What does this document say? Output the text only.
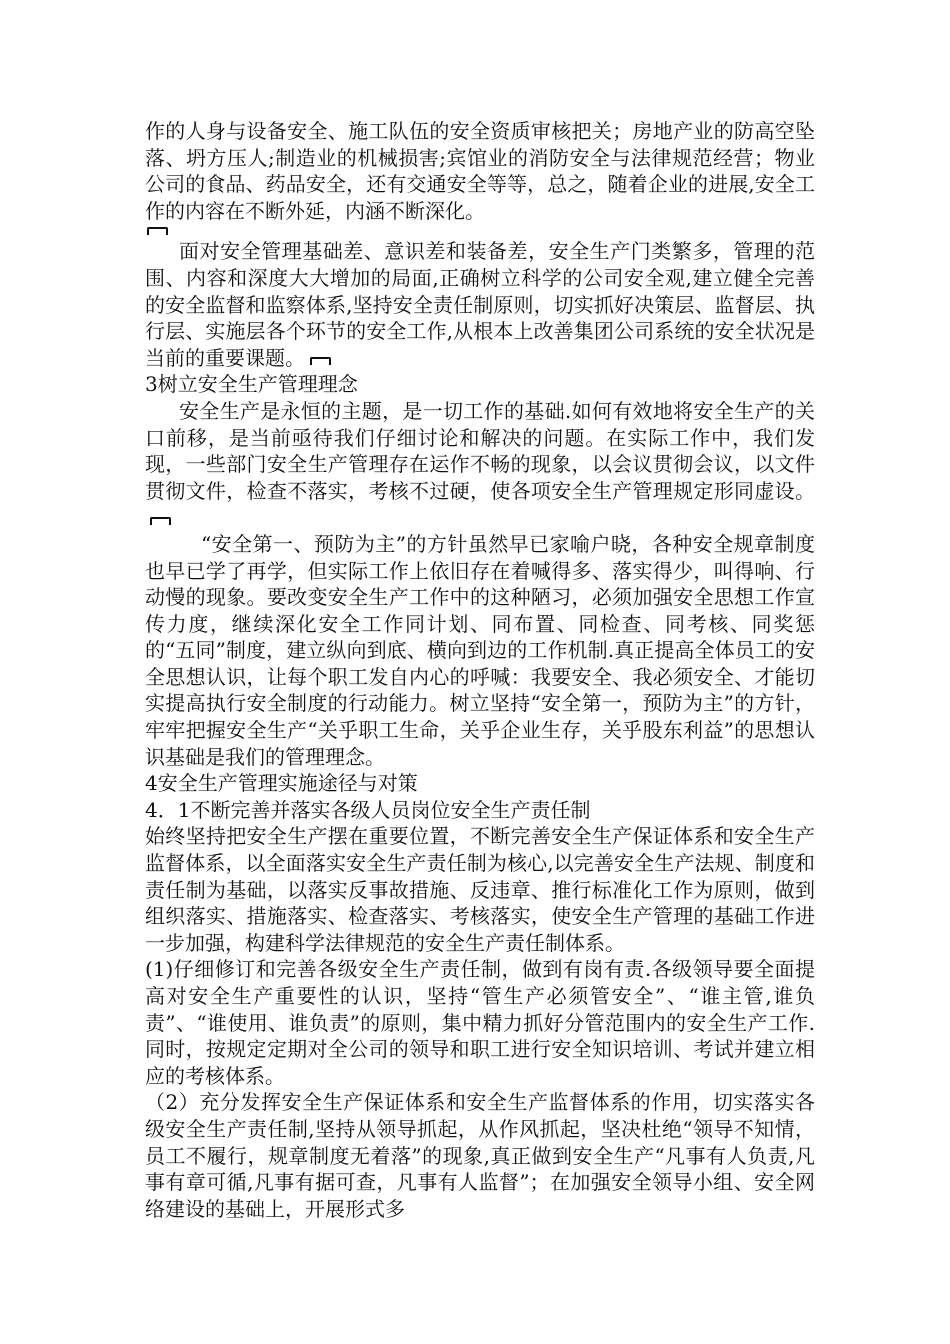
作的人身与设备安全、施工队伍的安全资质审核把关；房地产业的防高空坠落、坍方压人;制造业的机械损害;宾馆业的消防安全与法律规范经营；物业公司的食品、药品安全，还有交通安全等等，总之，随着企业的进展,安全工作的内容在不断外延，内涵不断深化。

面对安全管理基础差、意识差和装备差，安全生产门类繁多，管理的范围、内容和深度大大增加的局面,正确树立科学的公司安全观,建立健全完善的安全监督和监察体系,坚持安全责任制原则，切实抓好决策层、监督层、执行层、实施层各个环节的安全工作,从根本上改善集团公司系统的安全状况是当前的重要课题。

3树立安全生产管理理念

安全生产是永恒的主题，是一切工作的基础.如何有效地将安全生产的关口前移，是当前亟待我们仔细讨论和解决的问题。在实际工作中，我们发现，一些部门安全生产管理存在运作不畅的现象，以会议贯彻会议，以文件贯彻文件，检查不落实，考核不过硬，使各项安全生产管理规定形同虚设。

“安全第一、预防为主”的方针虽然早已家喻户晓，各种安全规章制度也早已学了再学，但实际工作上依旧存在着喊得多、落实得少，叫得响、行动慢的现象。要改变安全生产工作中的这种陋习，必须加强安全思想工作宣传力度，继续深化安全工作同计划、同布置、同检查、同考核、同奖惩的“五同”制度，建立纵向到底、横向到边的工作机制.真正提高全体员工的安全思想认识，让每个职工发自内心的呼喊：我要安全、我必须安全、才能切实提高执行安全制度的行动能力。树立坚持“安全第一，预防为主”的方针，牢牢把握安全生产“关乎职工生命，关乎企业生存，关乎股东利益”的思想认识基础是我们的管理理念。

4安全生产管理实施途径与对策

4．1不断完善并落实各级人员岗位安全生产责任制

始终坚持把安全生产摆在重要位置，不断完善安全生产保证体系和安全生产监督体系，以全面落实安全生产责任制为核心,以完善安全生产法规、制度和责任制为基础，以落实反事故措施、反违章、推行标准化工作为原则，做到组织落实、措施落实、检查落实、考核落实，使安全生产管理的基础工作进一步加强，构建科学法律规范的安全生产责任制体系。

(1)仔细修订和完善各级安全生产责任制，做到有岗有责.各级领导要全面提高对安全生产重要性的认识，坚持“管生产必须管安全”、“谁主管,谁负责”、“谁使用、谁负责”的原则，集中精力抓好分管范围内的安全生产工作.同时，按规定定期对全公司的领导和职工进行安全知识培训、考试并建立相应的考核体系。

（2）充分发挥安全生产保证体系和安全生产监督体系的作用，切实落实各级安全生产责任制,坚持从领导抓起，从作风抓起，坚决杜绝“领导不知情，员工不履行，规章制度无着落”的现象,真正做到安全生产“凡事有人负责,凡事有章可循,凡事有据可查，凡事有人监督”；在加强安全领导小组、安全网络建设的基础上，开展形式多
